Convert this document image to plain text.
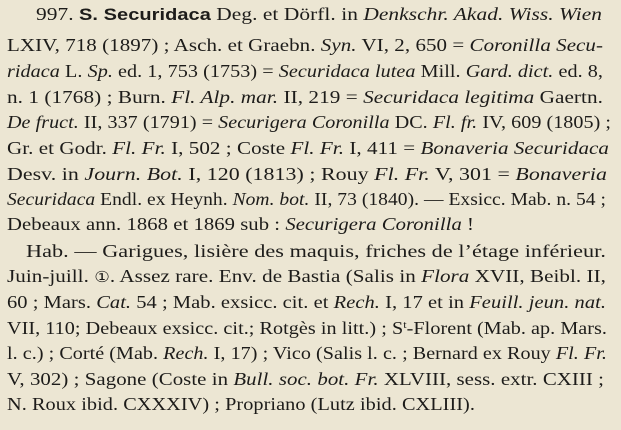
997. S. Securidaca Deg. et Dörfl. in Denkschr. Akad. Wiss. Wien
LXIV, 718 (1897) ; Asch. et Graebn. Syn. VI, 2, 650 = Coronilla Secu-
ridaca L. Sp. ed. 1, 753 (1753) = Securidaca lutea Mill. Gard. dict. ed. 8,
n. 1 (1768) ; Burn. Fl. Alp. mar. II, 219 = Securidaca legitima Gaertn.
De fruct. II, 337 (1791) = Securigera Coronilla DC. Fl. fr. IV, 609 (1805) ;
Gr. et Godr. Fl. Fr. I, 502 ; Coste Fl. Fr. I, 411 = Bonaveria Securidaca
Desv. in Journ. Bot. I, 120 (1813) ; Rouy Fl. Fr. V, 301 = Bonaveria
Securidaca Endl. ex Heynh. Nom. bot. II, 73 (1840). — Exsicc. Mab. n. 54 ;
Debeaux ann. 1868 et 1869 sub : Securigera Coronilla !
Hab. — Garigues, lisière des maquis, friches de l’étage inférieur.
Juin-juill. ①. Assez rare. Env. de Bastia (Salis in Flora XVII, Beibl. II,
60 ; Mars. Cat. 54 ; Mab. exsicc. cit. et Rech. I, 17 et in Feuill. jeun. nat.
VII, 110; Debeaux exsicc. cit.; Rotgès in litt.) ; $S^t$-Florent (Mab. ap. Mars.
l. c.) ; Corté (Mab. Rech. I, 17) ; Vico (Salis l. c. ; Bernard ex Rouy Fl. Fr.
V, 302) ; Sagone (Coste in Bull. soc. bot. Fr. XLVIII, sess. extr. CXIII ;
N. Roux ibid. CXXXIV) ; Propriano (Lutz ibid. CXLIII).
